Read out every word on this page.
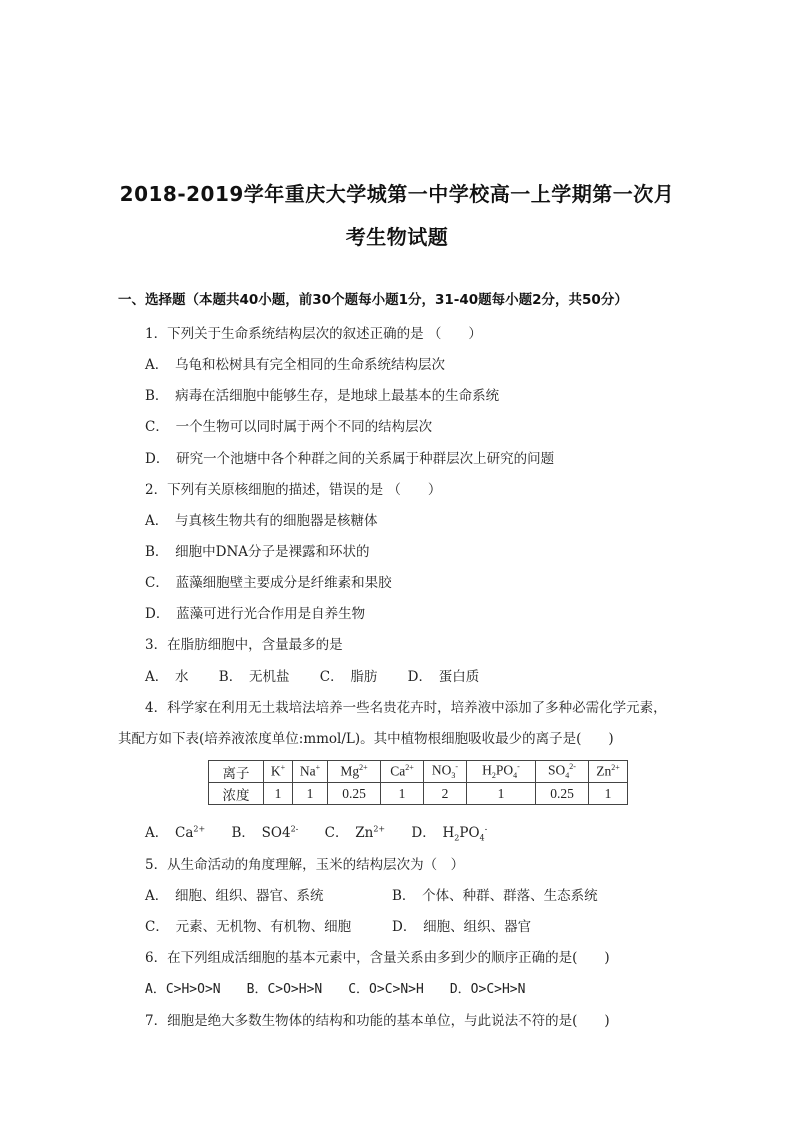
2018-2019学年重庆大学城第一中学校高一上学期第一次月
考生物试题
一、选择题（本题共40小题，前30个题每小题1分，31-40题每小题2分，共50分）
1．下列关于生命系统结构层次的叙述正确的是 （　　）
A．　乌龟和松树具有完全相同的生命系统结构层次
B．　病毒在活细胞中能够生存，是地球上最基本的生命系统
C．　一个生物可以同时属于两个不同的结构层次
D．　研究一个池塘中各个种群之间的关系属于种群层次上研究的问题
2．下列有关原核细胞的描述，错误的是 （　　）
A．　与真核生物共有的细胞器是核糖体
B．　细胞中DNA分子是裸露和环状的
C．　蓝藻细胞壁主要成分是纤维素和果胶
D．　蓝藻可进行光合作用是自养生物
3．在脂肪细胞中，含量最多的是
A．　水 B．　无机盐 C．　脂肪 D．　蛋白质
4．科学家在利用无土栽培法培养一些名贵花卉时，培养液中添加了多种必需化学元素，
其配方如下表(培养液浓度单位:mmol/L)。其中植物根细胞吸收最少的离子是(　　)
离子	K+	Na+	$Mg^{2+}$	$Ca^{2+}$	$NO_3^-$	$H_2PO_4^-$	$SO_4^{2-}$	$Zn^{2+}$
浓度	1	1	0.25	1	2	1	0.25	1
A．　$Ca^{2+}$ B．　$SO4^{2-}$ C．　$Zn^{2+}$ D．　$H_2PO_4^-$
5．从生命活动的角度理解，玉米的结构层次为（　）
A．　细胞、组织、器官、系统	B．　个体、种群、群落、生态系统
C．　元素、无机物、有机物、细胞	D．　细胞、组织、器官
6．在下列组成活细胞的基本元素中，含量关系由多到少的顺序正确的是(　　)
A．C>H>O>N　　B．C>O>H>N　　C．O>C>N>H　　D．O>C>H>N
7．细胞是绝大多数生物体的结构和功能的基本单位，与此说法不符的是(　　)
